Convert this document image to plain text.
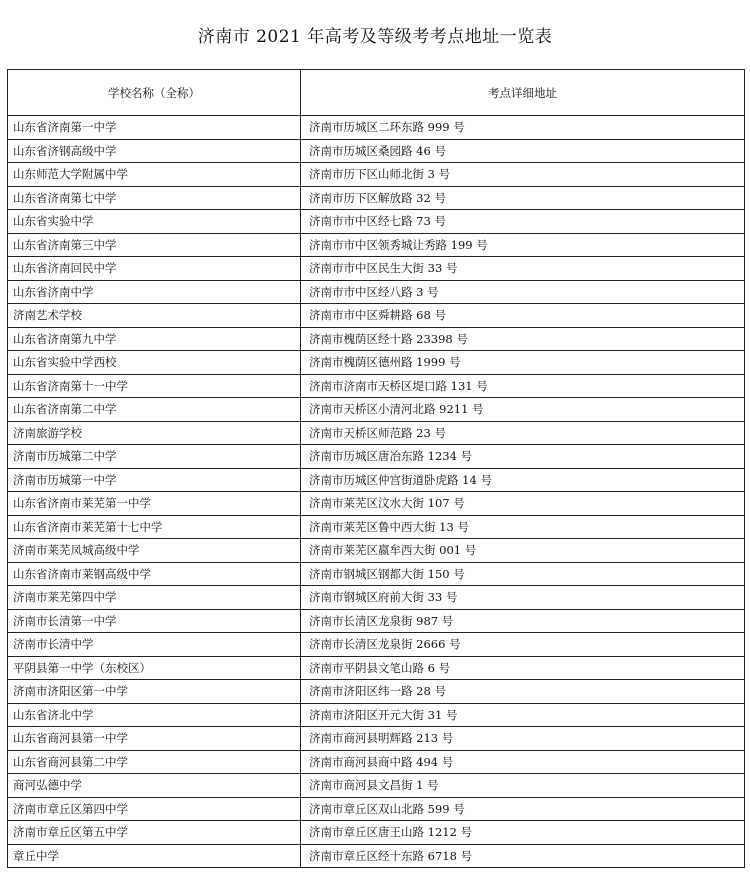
济南市 2021 年高考及等级考考点地址一览表
学校名称（全称）	考点详细地址
山东省济南第一中学	济南市历城区二环东路 999 号
山东省济钢高级中学	济南市历城区桑园路 46 号
山东师范大学附属中学	济南市历下区山师北街 3 号
山东省济南第七中学	济南市历下区解放路 32 号
山东省实验中学	济南市市中区经七路 73 号
山东省济南第三中学	济南市市中区领秀城让秀路 199 号
山东省济南回民中学	济南市市中区民生大街 33 号
山东省济南中学	济南市市中区经八路 3 号
济南艺术学校	济南市市中区舜耕路 68 号
山东省济南第九中学	济南市槐荫区经十路 23398 号
山东省实验中学西校	济南市槐荫区德州路 1999 号
山东省济南第十一中学	济南市济南市天桥区堤口路 131 号
山东省济南第二中学	济南市天桥区小清河北路 9211 号
济南旅游学校	济南市天桥区师范路 23 号
济南市历城第二中学	济南市历城区唐冶东路 1234 号
济南市历城第一中学	济南市历城区仲宫街道卧虎路 14 号
山东省济南市莱芜第一中学	济南市莱芜区汶水大街 107 号
山东省济南市莱芜第十七中学	济南市莱芜区鲁中西大街 13 号
济南市莱芜凤城高级中学	济南市莱芜区嬴牟西大街 001 号
山东省济南市莱钢高级中学	济南市钢城区钢都大街 150 号
济南市莱芜第四中学	济南市钢城区府前大街 33 号
济南市长清第一中学	济南市长清区龙泉街 987 号
济南市长清中学	济南市长清区龙泉街 2666 号
平阴县第一中学（东校区）	济南市平阴县文笔山路 6 号
济南市济阳区第一中学	济南市济阳区纬一路 28 号
山东省济北中学	济南市济阳区开元大街 31 号
山东省商河县第一中学	济南市商河县明辉路 213 号
山东省商河县第二中学	济南市商河县商中路 494 号
商河弘德中学	济南市商河县文昌街 1 号
济南市章丘区第四中学	济南市章丘区双山北路 599 号
济南市章丘区第五中学	济南市章丘区唐王山路 1212 号
章丘中学	济南市章丘区经十东路 6718 号
